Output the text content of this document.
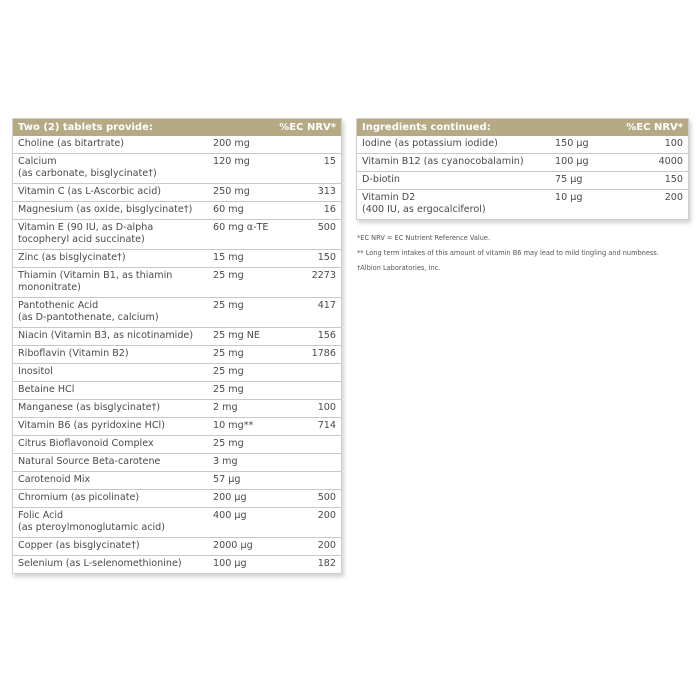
Two (2) tablets provide:	%EC NRV*
Choline (as bitartrate)	200 mg
Calcium
(as carbonate, bisglycinate†)
120 mg	15
Vitamin C (as L-Ascorbic acid)	250 mg	313
Magnesium (as oxide, bisglycinate†)	60 mg	16
Vitamin E (90 IU, as D-alpha
tocopheryl acid succinate)
60 mg α-TE	500
Zinc (as bisglycinate†)	15 mg	150
Thiamin (Vitamin B1, as thiamin
mononitrate)
25 mg	2273
Pantothenic Acid
(as D-pantothenate, calcium)
25 mg	417
Niacin (Vitamin B3, as nicotinamide)	25 mg NE	156
Riboflavin (Vitamin B2)	25 mg	1786
Inositol	25 mg
Betaine HCl	25 mg
Manganese (as bisglycinate†)	2 mg	100
Vitamin B6 (as pyridoxine HCl)	10 mg**	714
Citrus Bioflavonoid Complex	25 mg
Natural Source Beta-carotene	3 mg
Carotenoid Mix	57 µg
Chromium (as picolinate)	200 µg	500
Folic Acid
(as pteroylmonoglutamic acid)
400 µg	200
Copper (as bisglycinate†)	2000 µg	200
Selenium (as L-selenomethionine)	100 µg	182
Ingredients continued:	%EC NRV*
Iodine (as potassium iodide)	150 µg	100
Vitamin B12 (as cyanocobalamin)	100 µg	4000
D-biotin	75 µg	150
Vitamin D2
(400 IU, as ergocalciferol)
10 µg	200

*EC NRV = EC Nutrient Reference Value.

** Long term intakes of this amount of vitamin B6 may lead to mild tingling and numbness.

†Albion Laboratories, Inc.
